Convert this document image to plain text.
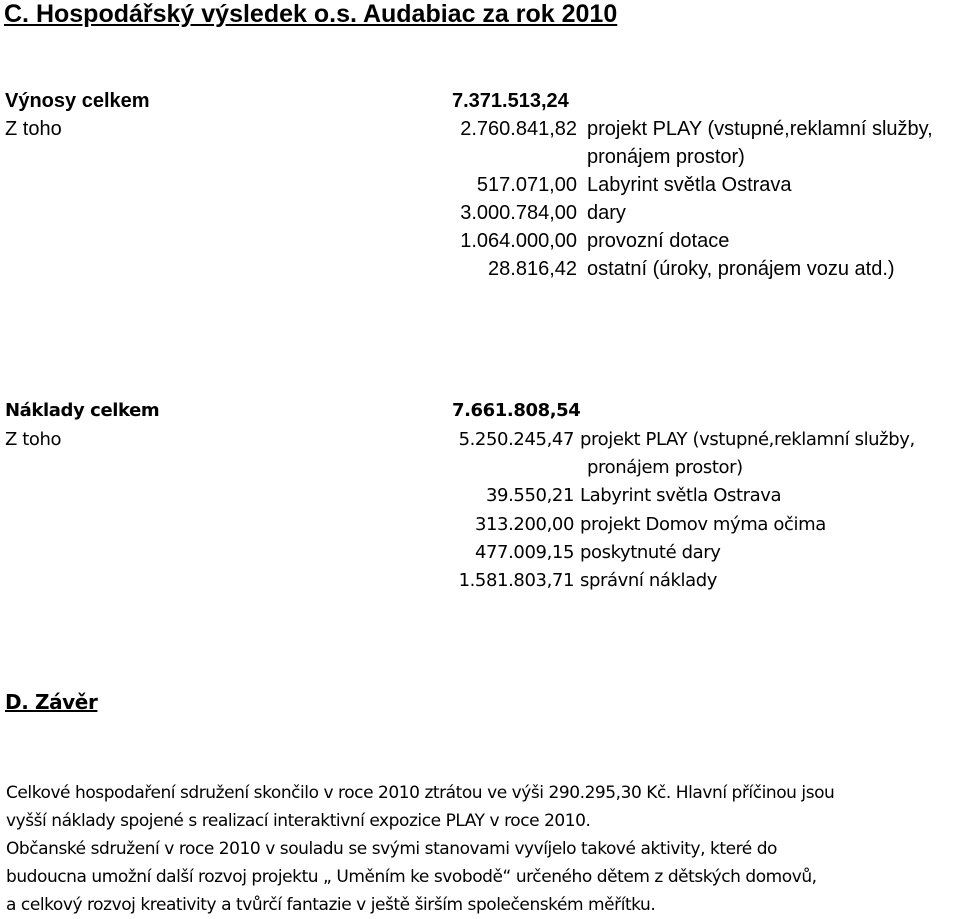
C. Hospodářský výsledek o.s. Audabiac za rok 2010
Výnosy celkem	7.371.513,24
Z toho	2.760.841,82 projekt PLAY (vstupné,reklamní služby,
pronájem prostor)
517.071,00 Labyrint světla Ostrava
3.000.784,00 dary
1.064.000,00 provozní dotace
28.816,42 ostatní (úroky, pronájem vozu atd.)
Náklady celkem	7.661.808,54
Z toho	5.250.245,47 projekt PLAY (vstupné,reklamní služby,
pronájem prostor)
39.550,21 Labyrint světla Ostrava
313.200,00 projekt Domov mýma očima
477.009,15 poskytnuté dary
1.581.803,71 správní náklady
D. Závěr
Celkové hospodaření sdružení skončilo v roce 2010 ztrátou ve výši 290.295,30 Kč. Hlavní příčinou jsou
vyšší náklady spojené s realizací interaktivní expozice PLAY v roce 2010.
Občanské sdružení v roce 2010 v souladu se svými stanovami vyvíjelo takové aktivity, které do
budoucna umožní další rozvoj projektu „ Uměním ke svobodě“ určeného dětem z dětských domovů,
a celkový rozvoj kreativity a tvůrčí fantazie v ještě širším společenském měřítku.
